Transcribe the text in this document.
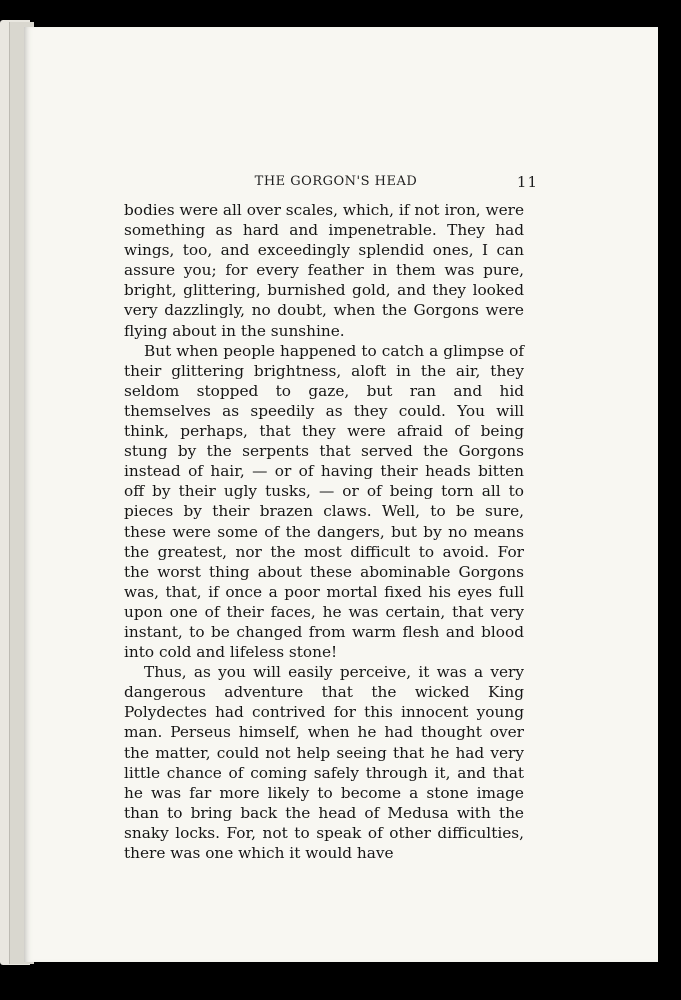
THE GORGON'S HEAD	11

bodies were all over scales, which, if not iron, were something as hard and impenetrable. They had wings, too, and exceedingly splendid ones, I can assure you; for every feather in them was pure, bright, glittering, burnished gold, and they looked very dazzlingly, no doubt, when the Gorgons were flying about in the sunshine.

But when people happened to catch a glimpse of their glittering brightness, aloft in the air, they seldom stopped to gaze, but ran and hid themselves as speedily as they could. You will think, perhaps, that they were afraid of being stung by the serpents that served the Gorgons instead of hair, — or of having their heads bitten off by their ugly tusks, — or of being torn all to pieces by their brazen claws. Well, to be sure, these were some of the dangers, but by no means the greatest, nor the most difficult to avoid. For the worst thing about these abominable Gorgons was, that, if once a poor mortal fixed his eyes full upon one of their faces, he was certain, that very instant, to be changed from warm flesh and blood into cold and lifeless stone!

Thus, as you will easily perceive, it was a very dangerous adventure that the wicked King Polydectes had contrived for this innocent young man. Perseus himself, when he had thought over the matter, could not help seeing that he had very little chance of coming safely through it, and that he was far more likely to become a stone image than to bring back the head of Medusa with the snaky locks. For, not to speak of other difficulties, there was one which it would have
